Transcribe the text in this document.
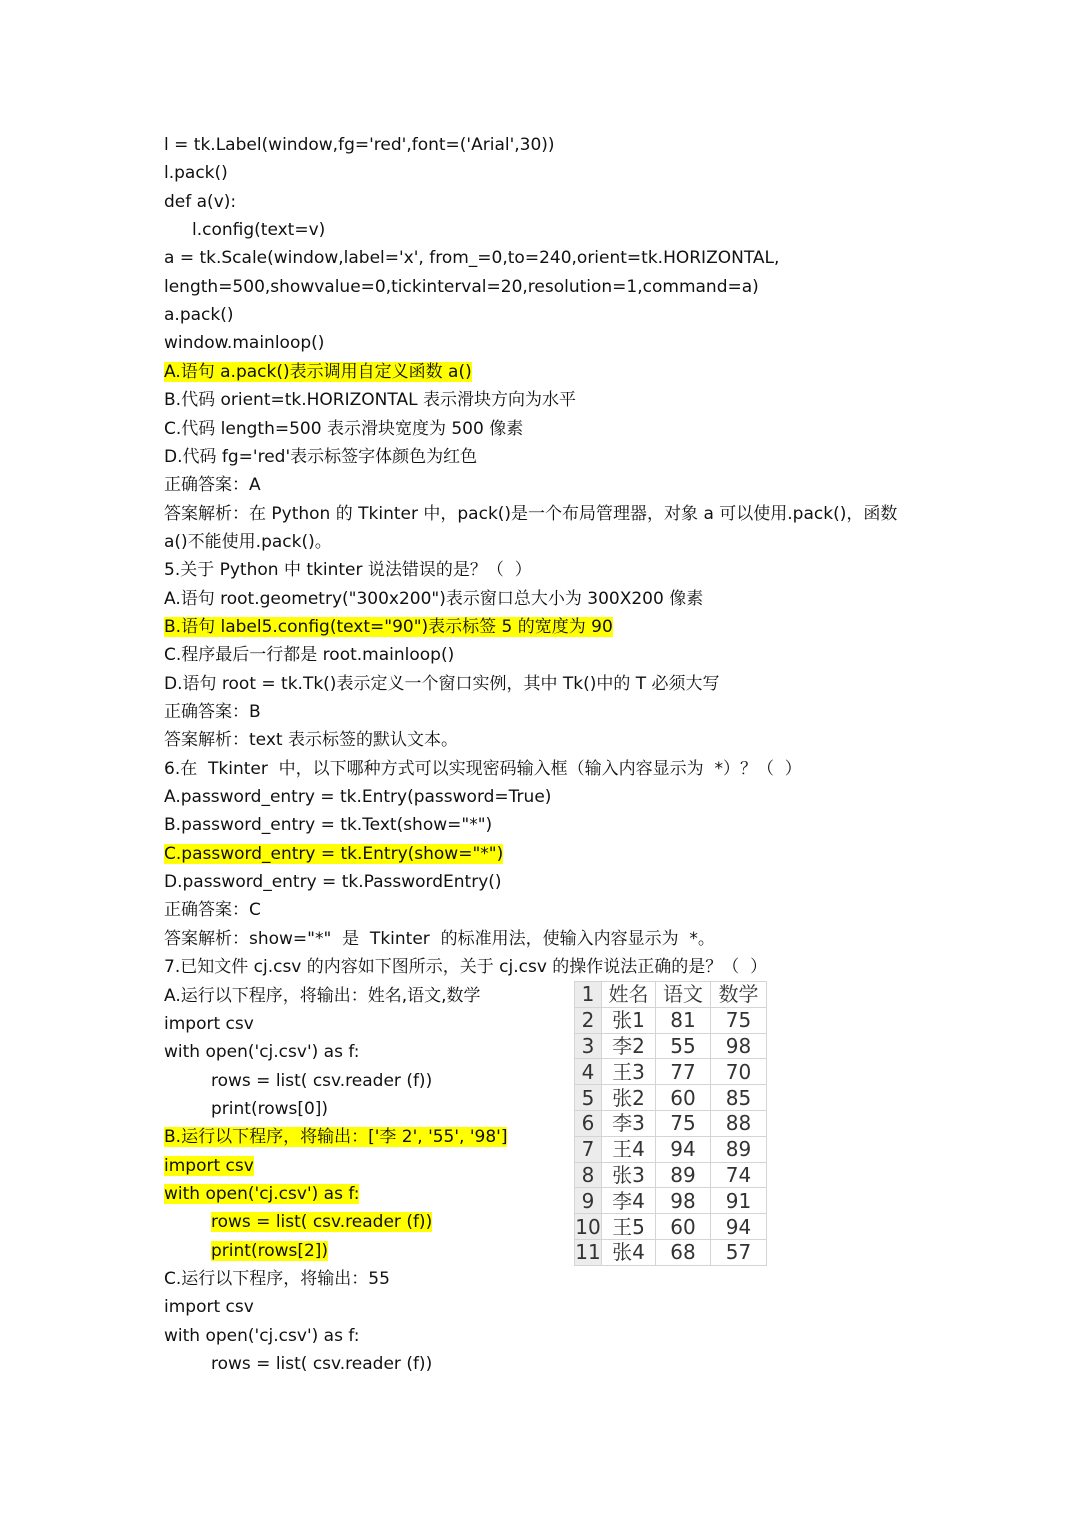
l = tk.Label(window,fg='red',font=('Arial',30))
l.pack()
def a(v):
l.config(text=v)
a = tk.Scale(window,label='x', from_=0,to=240,orient=tk.HORIZONTAL,
length=500,showvalue=0,tickinterval=20,resolution=1,command=a)
a.pack()
window.mainloop()
A.语句 a.pack()表示调用自定义函数 a()
B.代码 orient=tk.HORIZONTAL 表示滑块方向为水平
C.代码 length=500 表示滑块宽度为 500 像素
D.代码 fg='red'表示标签字体颜色为红色
正确答案：A
答案解析：在 Python 的 Tkinter 中，pack()是一个布局管理器，对象 a 可以使用.pack()，函数
a()不能使用.pack()。
5.关于 Python 中 tkinter 说法错误的是？（  ）
A.语句 root.geometry("300x200")表示窗口总大小为 300X200 像素
B.语句 label5.config(text="90")表示标签 5 的宽度为 90
C.程序最后一行都是 root.mainloop()
D.语句 root = tk.Tk()表示定义一个窗口实例，其中 Tk()中的 T 必须大写
正确答案：B
答案解析：text 表示标签的默认文本。
6.在  Tkinter  中，以下哪种方式可以实现密码输入框（输入内容显示为  *）？（  ）
A.password_entry = tk.Entry(password=True)
B.password_entry = tk.Text(show="*")
C.password_entry = tk.Entry(show="*")
D.password_entry = tk.PasswordEntry()
正确答案：C
答案解析：show="*"  是  Tkinter  的标准用法，使输入内容显示为  *。
7.已知文件 cj.csv 的内容如下图所示，关于 cj.csv 的操作说法正确的是？（  ）
A.运行以下程序，将输出：姓名,语文,数学
import csv
with open('cj.csv') as f:
rows = list( csv.reader (f))
print(rows[0])
B.运行以下程序，将输出：['李 2', '55', '98']
import csv
with open('cj.csv') as f:
rows = list( csv.reader (f))
print(rows[2])
C.运行以下程序，将输出：55
import csv
with open('cj.csv') as f:
rows = list( csv.reader (f))
1	姓名	语文	数学
2	张1	81	75
3	李2	55	98
4	王3	77	70
5	张2	60	85
6	李3	75	88
7	王4	94	89
8	张3	89	74
9	李4	98	91
10	王5	60	94
11	张4	68	57
